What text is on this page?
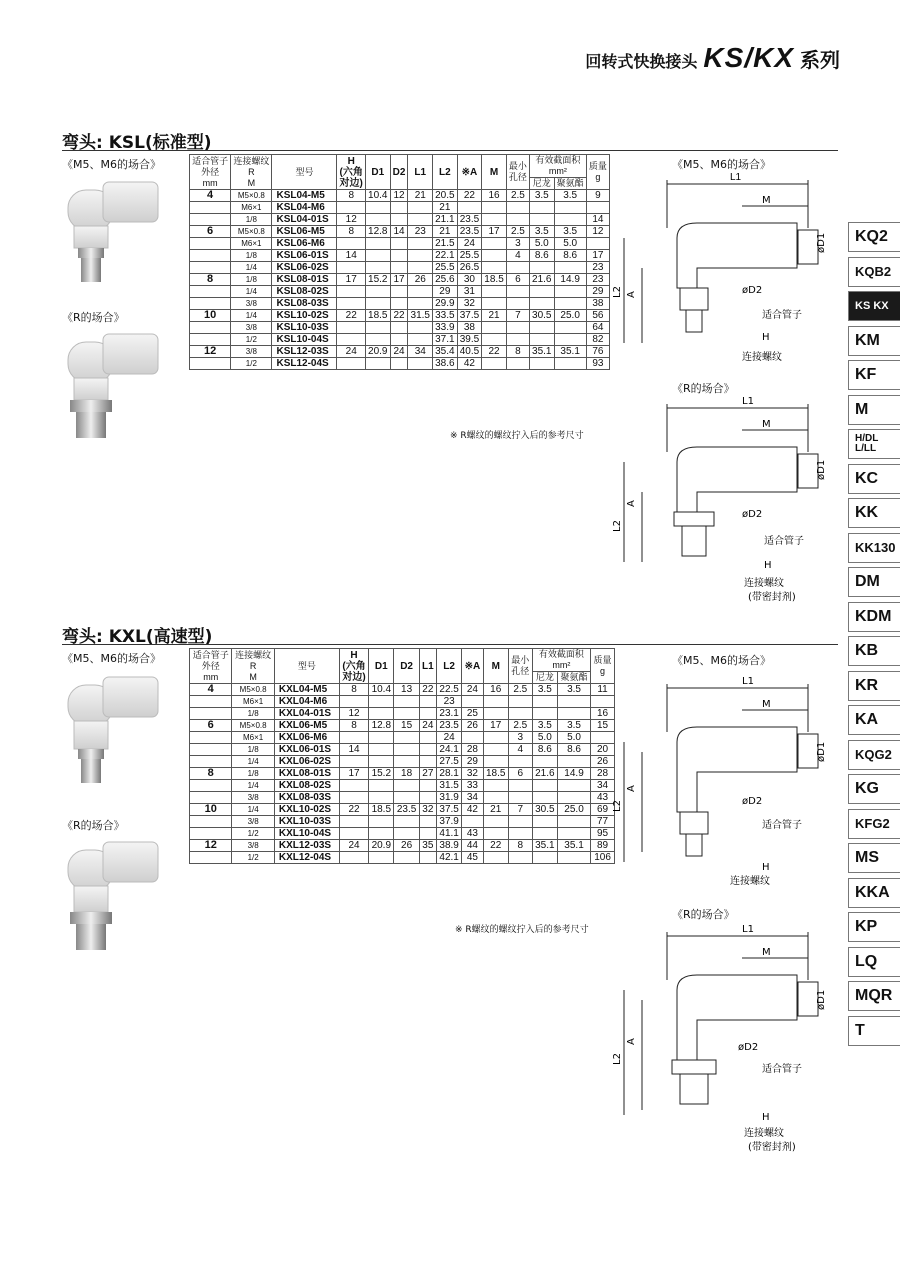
回转式快换接头 KS/KX 系列
弯头: KSL(标准型)
《M5、M6的场合》
《R的场合》
适合管子
外径
mm	连接螺纹
R
M	型号	H
(六角
对边)	D1	D2	L1	L2	※A	M	最小
孔径	有效截面积
mm²		质量
g
											尼龙	聚氨酯	
4	M5×0.8	KSL04-M5	8	10.4	12	21	20.5	22	16	2.5	3.5	3.5	9
	M6×1	KSL04-M6					21						
	1/8	KSL04-01S	12				21.1	23.5					14
6	M5×0.8	KSL06-M5	8	12.8	14	23	21	23.5	17	2.5	3.5	3.5	12
	M6×1	KSL06-M6					21.5	24		3	5.0	5.0	
	1/8	KSL06-01S	14				22.1	25.5		4	8.6	8.6	17
	1/4	KSL06-02S					25.5	26.5					23
8	1/8	KSL08-01S	17	15.2	17	26	25.6	30	18.5	6	21.6	14.9	23
	1/4	KSL08-02S					29	31					29
	3/8	KSL08-03S					29.9	32					38
10	1/4	KSL10-02S	22	18.5	22	31.5	33.5	37.5	21	7	30.5	25.0	56
	3/8	KSL10-03S					33.9	38					64
	1/2	KSL10-04S					37.1	39.5					82
12	3/8	KSL12-03S	24	20.9	24	34	35.4	40.5	22	8	35.1	35.1	76
	1/2	KSL12-04S					38.6	42					93
※ R螺纹的螺纹拧入后的参考尺寸
《M5、M6的场合》
L1
M
øD1
øD2
A
L2
适合管子
H
连接螺纹
《R的场合》
L1
M
øD1
øD2
A
L2
适合管子
H
连接螺纹
(带密封剂)
弯头: KXL(高速型)
《M5、M6的场合》
《R的场合》
适合管子
外径
mm	连接螺纹
R
M	型号	H
(六角
对边)	D1	D2	L1	L2	※A	M	最小
孔径	有效截面积
mm²		质量
g
											尼龙	聚氨酯	
4	M5×0.8	KXL04-M5	8	10.4	13	22	22.5	24	16	2.5	3.5	3.5	11
	M6×1	KXL04-M6					23						
	1/8	KXL04-01S	12				23.1	25					16
6	M5×0.8	KXL06-M5	8	12.8	15	24	23.5	26	17	2.5	3.5	3.5	15
	M6×1	KXL06-M6					24			3	5.0	5.0	
	1/8	KXL06-01S	14				24.1	28		4	8.6	8.6	20
	1/4	KXL06-02S					27.5	29					26
8	1/8	KXL08-01S	17	15.2	18	27	28.1	32	18.5	6	21.6	14.9	28
	1/4	KXL08-02S					31.5	33					34
	3/8	KXL08-03S					31.9	34					43
10	1/4	KXL10-02S	22	18.5	23.5	32	37.5	42	21	7	30.5	25.0	69
	3/8	KXL10-03S					37.9						77
	1/2	KXL10-04S					41.1	43					95
12	3/8	KXL12-03S	24	20.9	26	35	38.9	44	22	8	35.1	35.1	89
	1/2	KXL12-04S					42.1	45					106
※ R螺纹的螺纹拧入后的参考尺寸
《M5、M6的场合》
L1
M
øD1
øD2
A
L2
适合管子
H
连接螺纹
《R的场合》
L1
M
øD1
øD2
A
L2
适合管子
H
连接螺纹
(带密封剂)
KQ2
KQB2
KS KX
KM
KF
M
H/DL L/LL
KC
KK
KK130
DM
KDM
KB
KR
KA
KQG2
KG
KFG2
MS
KKA
KP
LQ
MQR
T
